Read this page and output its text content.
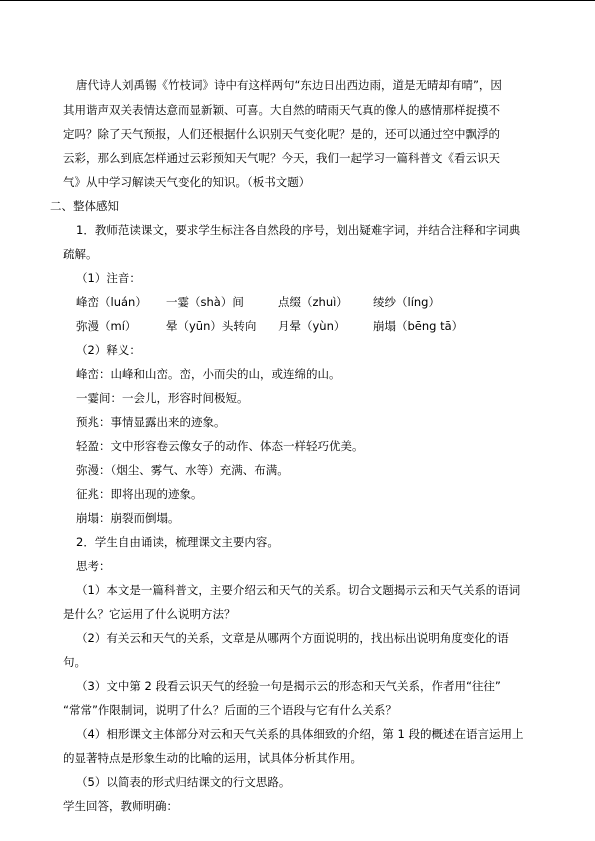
唐代诗人刘禹锡《竹枝词》诗中有这样两句“东边日出西边雨，道是无晴却有晴”，因
其用谐声双关表情达意而显新颖、可喜。大自然的晴雨天气真的像人的感情那样捉摸不
定吗？除了天气预报，人们还根据什么识别天气变化呢？是的，还可以通过空中飘浮的
云彩，那么到底怎样通过云彩预知天气呢？今天，我们一起学习一篇科普文《看云识天
气》从中学习解读天气变化的知识。（板书文题）
二、整体感知
1．教师范读课文，要求学生标注各自然段的序号，划出疑难字词，并结合注释和字词典
疏解。
（1）注音：
峰峦（luán） 一霎（shà）间	点缀（zhuì） 绫纱（líng）
弥漫（mí）	晕（yūn）头转向 月晕（yùn） 崩塌（bēng tā）
（2）释义：
峰峦：山峰和山峦。峦，小而尖的山，或连绵的山。
一霎间：一会儿，形容时间极短。
预兆：事情显露出来的迹象。
轻盈：文中形容卷云像女子的动作、体态一样轻巧优美。
弥漫：（烟尘、雾气、水等）充满、布满。
征兆：即将出现的迹象。
崩塌：崩裂而倒塌。
2．学生自由诵读，梳理课文主要内容。
思考：
（1）本文是一篇科普文，主要介绍云和天气的关系。切合文题揭示云和天气关系的语词
是什么？它运用了什么说明方法？
（2）有关云和天气的关系，文章是从哪两个方面说明的，找出标出说明角度变化的语
句。
（3）文中第 2 段看云识天气的经验一句是揭示云的形态和天气关系，作者用“往往”
“常常”作限制词，说明了什么？后面的三个语段与它有什么关系？
（4）相形课文主体部分对云和天气关系的具体细致的介绍，第 1 段的概述在语言运用上
的显著特点是形象生动的比喻的运用，试具体分析其作用。
（5）以简表的形式归结课文的行文思路。
学生回答，教师明确：
